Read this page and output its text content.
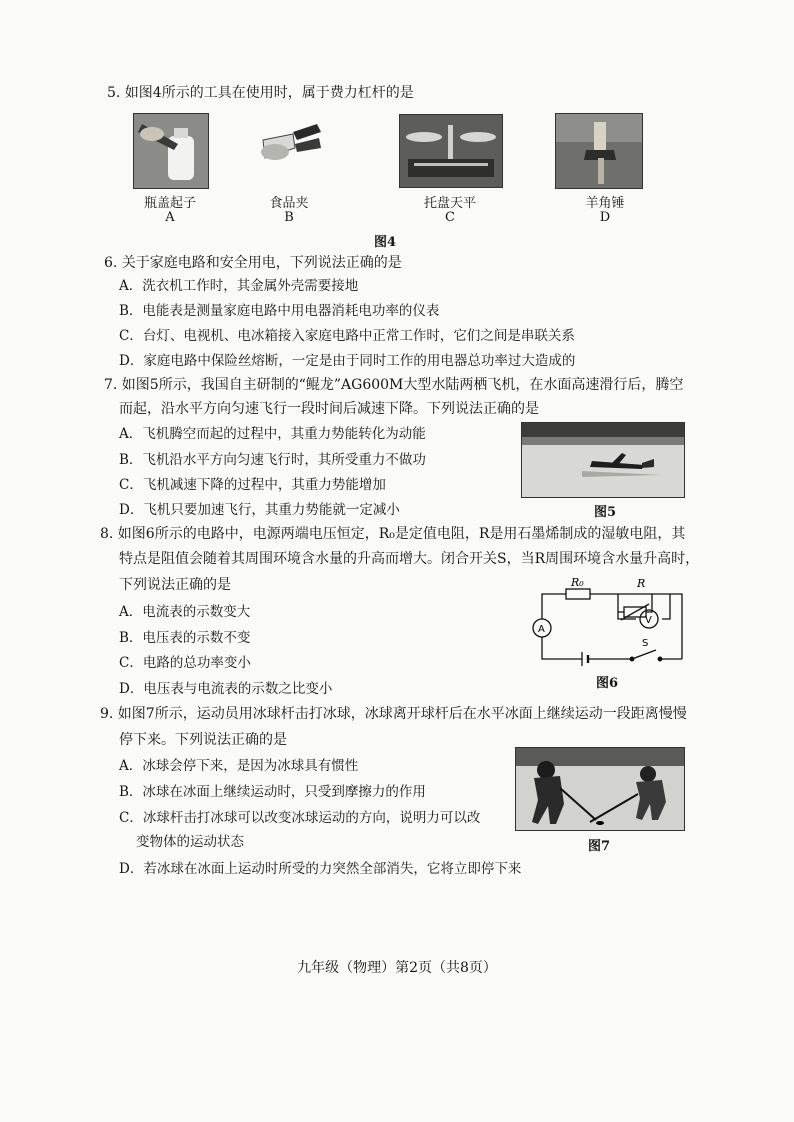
5. 如图4所示的工具在使用时，属于费力杠杆的是
瓶盖起子
A
食品夹
B
托盘天平
C
羊角锤
D
图4
6. 关于家庭电路和安全用电，下列说法正确的是
A．洗衣机工作时，其金属外壳需要接地
B．电能表是测量家庭电路中用电器消耗电功率的仪表
C．台灯、电视机、电冰箱接入家庭电路中正常工作时，它们之间是串联关系
D．家庭电路中保险丝熔断，一定是由于同时工作的用电器总功率过大造成的
7. 如图5所示，我国自主研制的“鲲龙”AG600M大型水陆两栖飞机，在水面高速滑行后，腾空
而起，沿水平方向匀速飞行一段时间后减速下降。下列说法正确的是
A．飞机腾空而起的过程中，其重力势能转化为动能
B．飞机沿水平方向匀速飞行时，其所受重力不做功
C．飞机减速下降的过程中，其重力势能增加
D．飞机只要加速飞行，其重力势能就一定减小	图5
8. 如图6所示的电路中，电源两端电压恒定，R₀是定值电阻，R是用石墨烯制成的湿敏电阻，其
特点是阻值会随着其周围环境含水量的升高而增大。闭合开关S，当R周围环境含水量升高时，
下列说法正确的是
A．电流表的示数变大
B．电压表的示数不变
C．电路的总功率变小
D．电压表与电流表的示数之比变小
R₀	R
A
V
S
图6
9. 如图7所示，运动员用冰球杆击打冰球，冰球离开球杆后在水平冰面上继续运动一段距离慢慢
停下来。下列说法正确的是
A．冰球会停下来，是因为冰球具有惯性
B．冰球在冰面上继续运动时，只受到摩擦力的作用
C．冰球杆击打冰球可以改变冰球运动的方向，说明力可以改
变物体的运动状态
D．若冰球在冰面上运动时所受的力突然全部消失，它将立即停下来
图7
九年级（物理）第2页（共8页）
